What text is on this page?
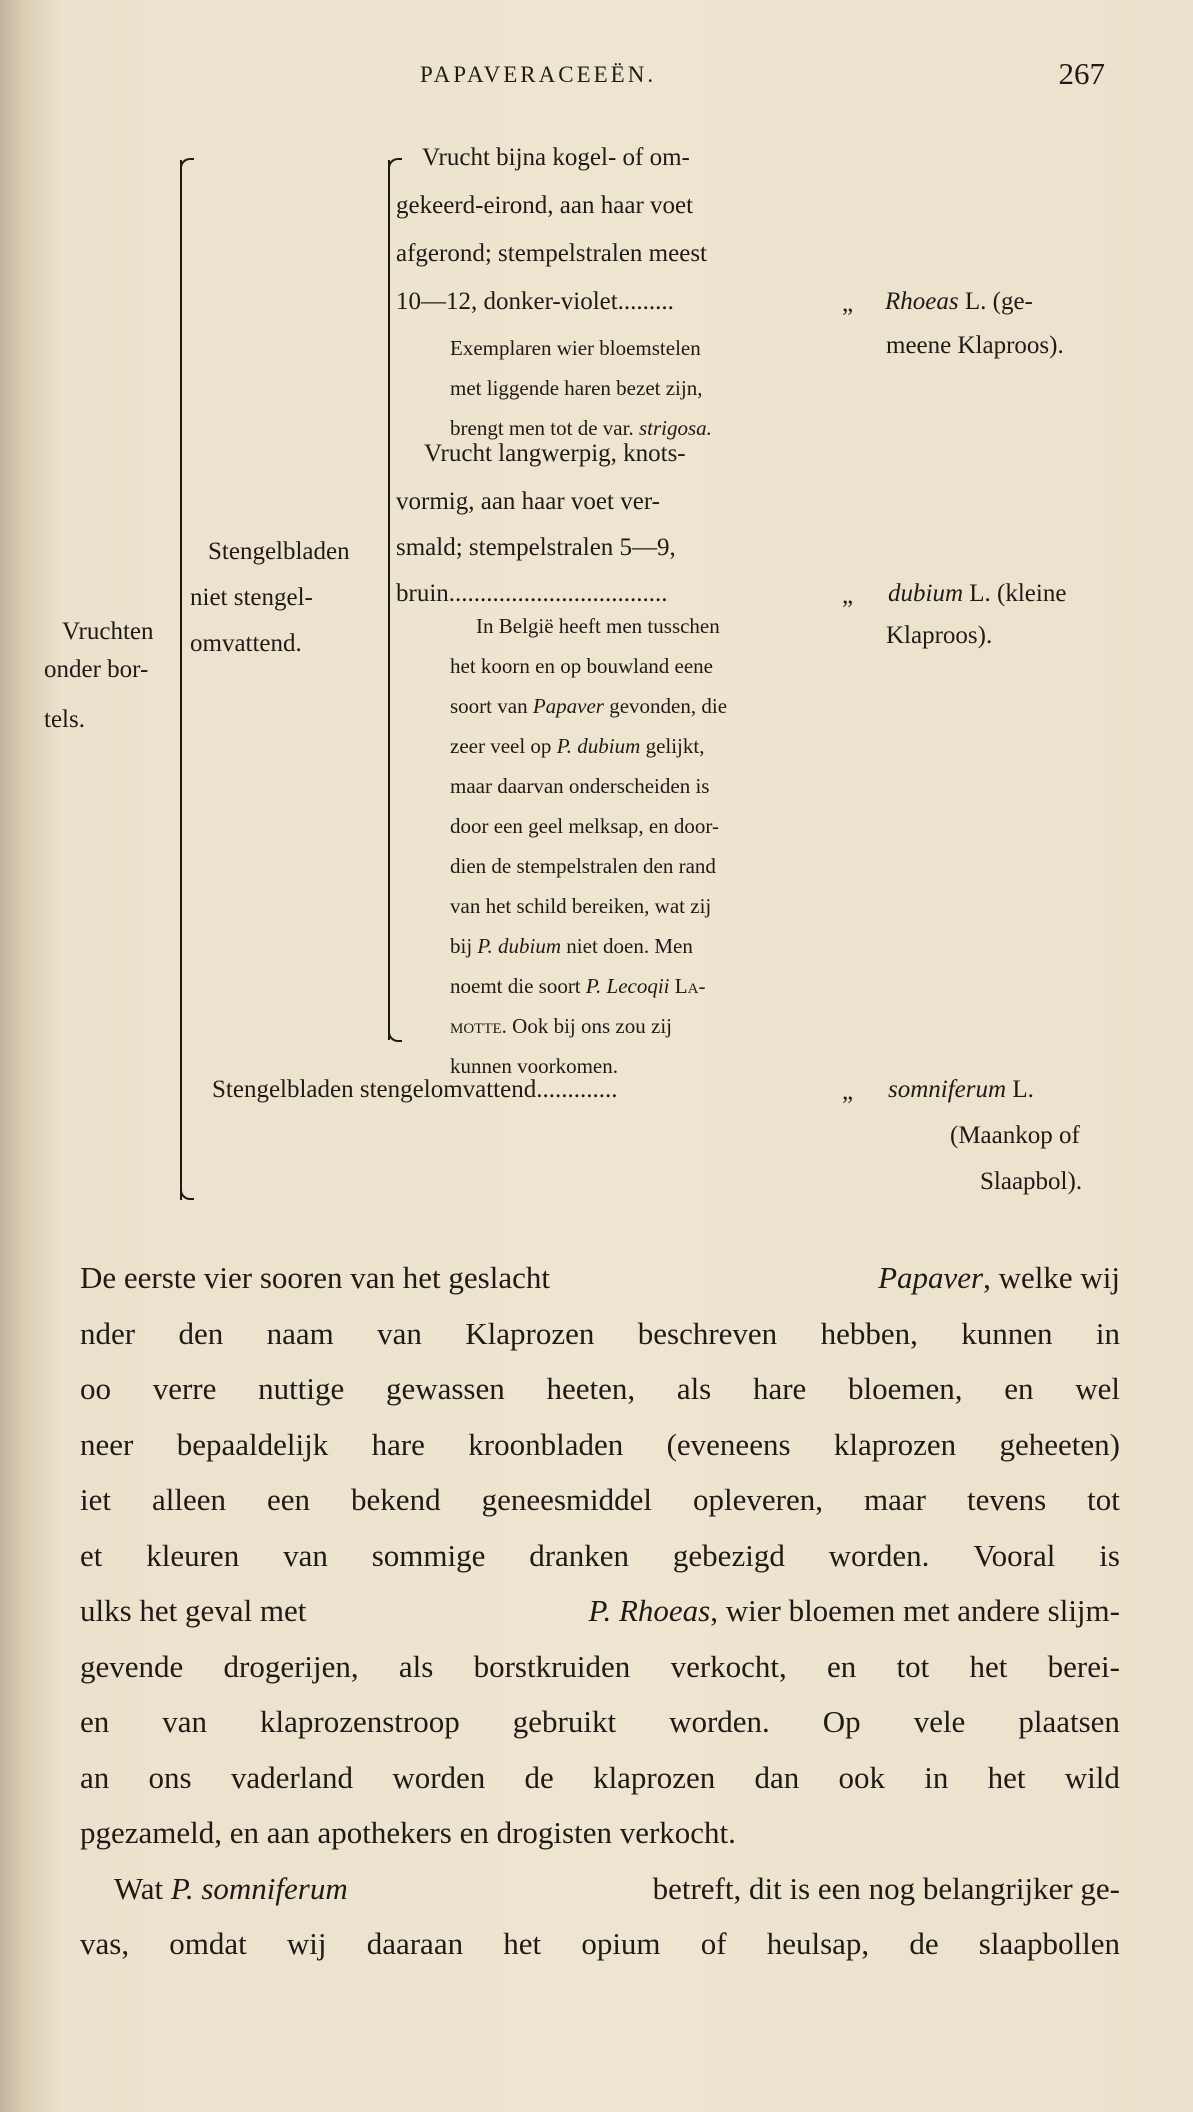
PAPAVERACEEËN.	267
Vruchten
onder bor-
tels.
Stengelbladen
niet stengel-
omvattend.
Vrucht bijna kogel- of om-
gekeerd-eirond, aan haar voet
afgerond; stempelstralen meest
10—12, donker-violet.........	„ Rhoeas L. (ge-
meene Klaproos).
Exemplaren wier bloemstelen
met liggende haren bezet zijn,
brengt men tot de var. strigosa.
Vrucht langwerpig, knots-
vormig, aan haar voet ver-
smald; stempelstralen 5—9,
bruin...................................	„ dubium L. (kleine
Klaproos).
In België heeft men tusschen
het koorn en op bouwland eene
soort van Papaver gevonden, die
zeer veel op P. dubium gelijkt,
maar daarvan onderscheiden is
door een geel melksap, en door-
dien de stempelstralen den rand
van het schild bereiken, wat zij
bij P. dubium niet doen. Men
noemt die soort P. Lecoqii La-
motte. Ook bij ons zou zij
kunnen voorkomen.
Stengelbladen stengelomvattend.............	„ somniferum L.
(Maankop of
Slaapbol).
De eerste vier sooren van het geslacht	Papaver, welke wij
nder den naam van Klaprozen beschreven hebben, kunnen in
oo verre nuttige gewassen heeten, als hare bloemen, en wel
neer bepaaldelijk hare kroonbladen (eveneens klaprozen geheeten)
iet alleen een bekend geneesmiddel opleveren, maar tevens tot
et kleuren van sommige dranken gebezigd worden. Vooral is
ulks het geval met	P. Rhoeas, wier bloemen met andere slijm-
gevende drogerijen, als borstkruiden verkocht, en tot het berei-
en van klaprozenstroop gebruikt worden. Op vele plaatsen
an ons vaderland worden de klaprozen dan ook in het wild
pgezameld, en aan apothekers en drogisten verkocht.
Wat P. somniferum	betreft, dit is een nog belangrijker ge-
vas, omdat wij daaraan het opium of heulsap, de slaapbollen
